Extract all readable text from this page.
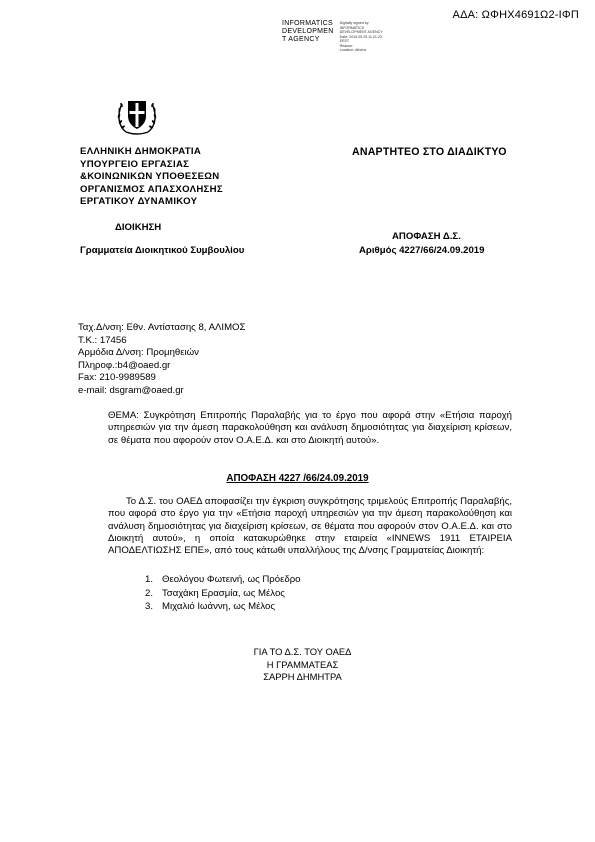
ΑΔΑ: ΩΦΗΧ4691Ω2-ΙΦΠ
INFORMATICS
DEVELOPMEN
T AGENCY
Digitally signed by
INFORMATICS
DEVELOPMENT AGENCY
Date: 2019.09.25 11:21:23
EEST
Reason:
Location: Athens
ΕΛΛΗΝΙΚΗ ΔΗΜΟΚΡΑΤΙΑ
ΥΠΟΥΡΓΕΙΟ ΕΡΓΑΣΙΑΣ
&ΚΟΙΝΩΝΙΚΩΝ ΥΠΟΘΕΣΕΩΝ
ΟΡΓΑΝΙΣΜΟΣ ΑΠΑΣΧΟΛΗΣΗΣ
ΕΡΓΑΤΙΚΟΥ ΔΥΝΑΜΙΚΟΥ
ΔΙΟΙΚΗΣΗ
Γραμματεία Διοικητικού Συμβουλίου
ΑΝΑΡΤΗΤΕΟ ΣΤΟ ΔΙΑΔΙΚΤΥΟ
ΑΠΟΦΑΣΗ Δ.Σ.
Αριθμός 4227/66/24.09.2019
Ταχ.Δ/νση: Εθν. Αντίστασης 8, ΑΛΙΜΟΣ
Τ.Κ.: 17456
Αρμόδια Δ/νση: Προμηθειών
Πληροφ.:b4@oaed.gr
Fax: 210-9989589
e-mail: dsgram@oaed.gr
ΘΕΜΑ: Συγκρότηση Επιτροπής Παραλαβής για το έργο που αφορά στην «Ετήσια παροχή υπηρεσιών για την άμεση παρακολούθηση και ανάλυση δημοσιότητας για διαχείριση κρίσεων, σε θέματα που αφορούν στον Ο.Α.Ε.Δ. και στο Διοικητή αυτού».
ΑΠΟΦΑΣΗ 4227 /66/24.09.2019
Το Δ.Σ. του ΟΑΕΔ αποφασίζει την έγκριση συγκρότησης τριμελούς Επιτροπής Παραλαβής, που αφορά στο έργο για την «Ετήσια παροχή υπηρεσιών για την άμεση παρακολούθηση και ανάλυση δημοσιότητας για διαχείριση κρίσεων, σε θέματα που αφορούν στον Ο.Α.Ε.Δ. και στο Διοικητή αυτού», η οποία κατακυρώθηκε στην εταιρεία «INNEWS 1911 ΕΤΑΙΡΕΙΑ ΑΠΟΔΕΛΤΙΩΣΗΣ ΕΠΕ», από τους κάτωθι υπαλλήλους της Δ/νσης Γραμματείας Διοικητή:
1. Θεολόγου Φωτεινή, ως Πρόεδρο
2. Τσαχάκη Ερασμία, ως Μέλος
3. Μιχαλιό Ιωάννη, ως Μέλος
ΓΙΑ ΤΟ Δ.Σ. ΤΟΥ ΟΑΕΔ
Η ΓΡΑΜΜΑΤΕΑΣ
ΣΑΡΡΗ ΔΗΜΗΤΡΑ
